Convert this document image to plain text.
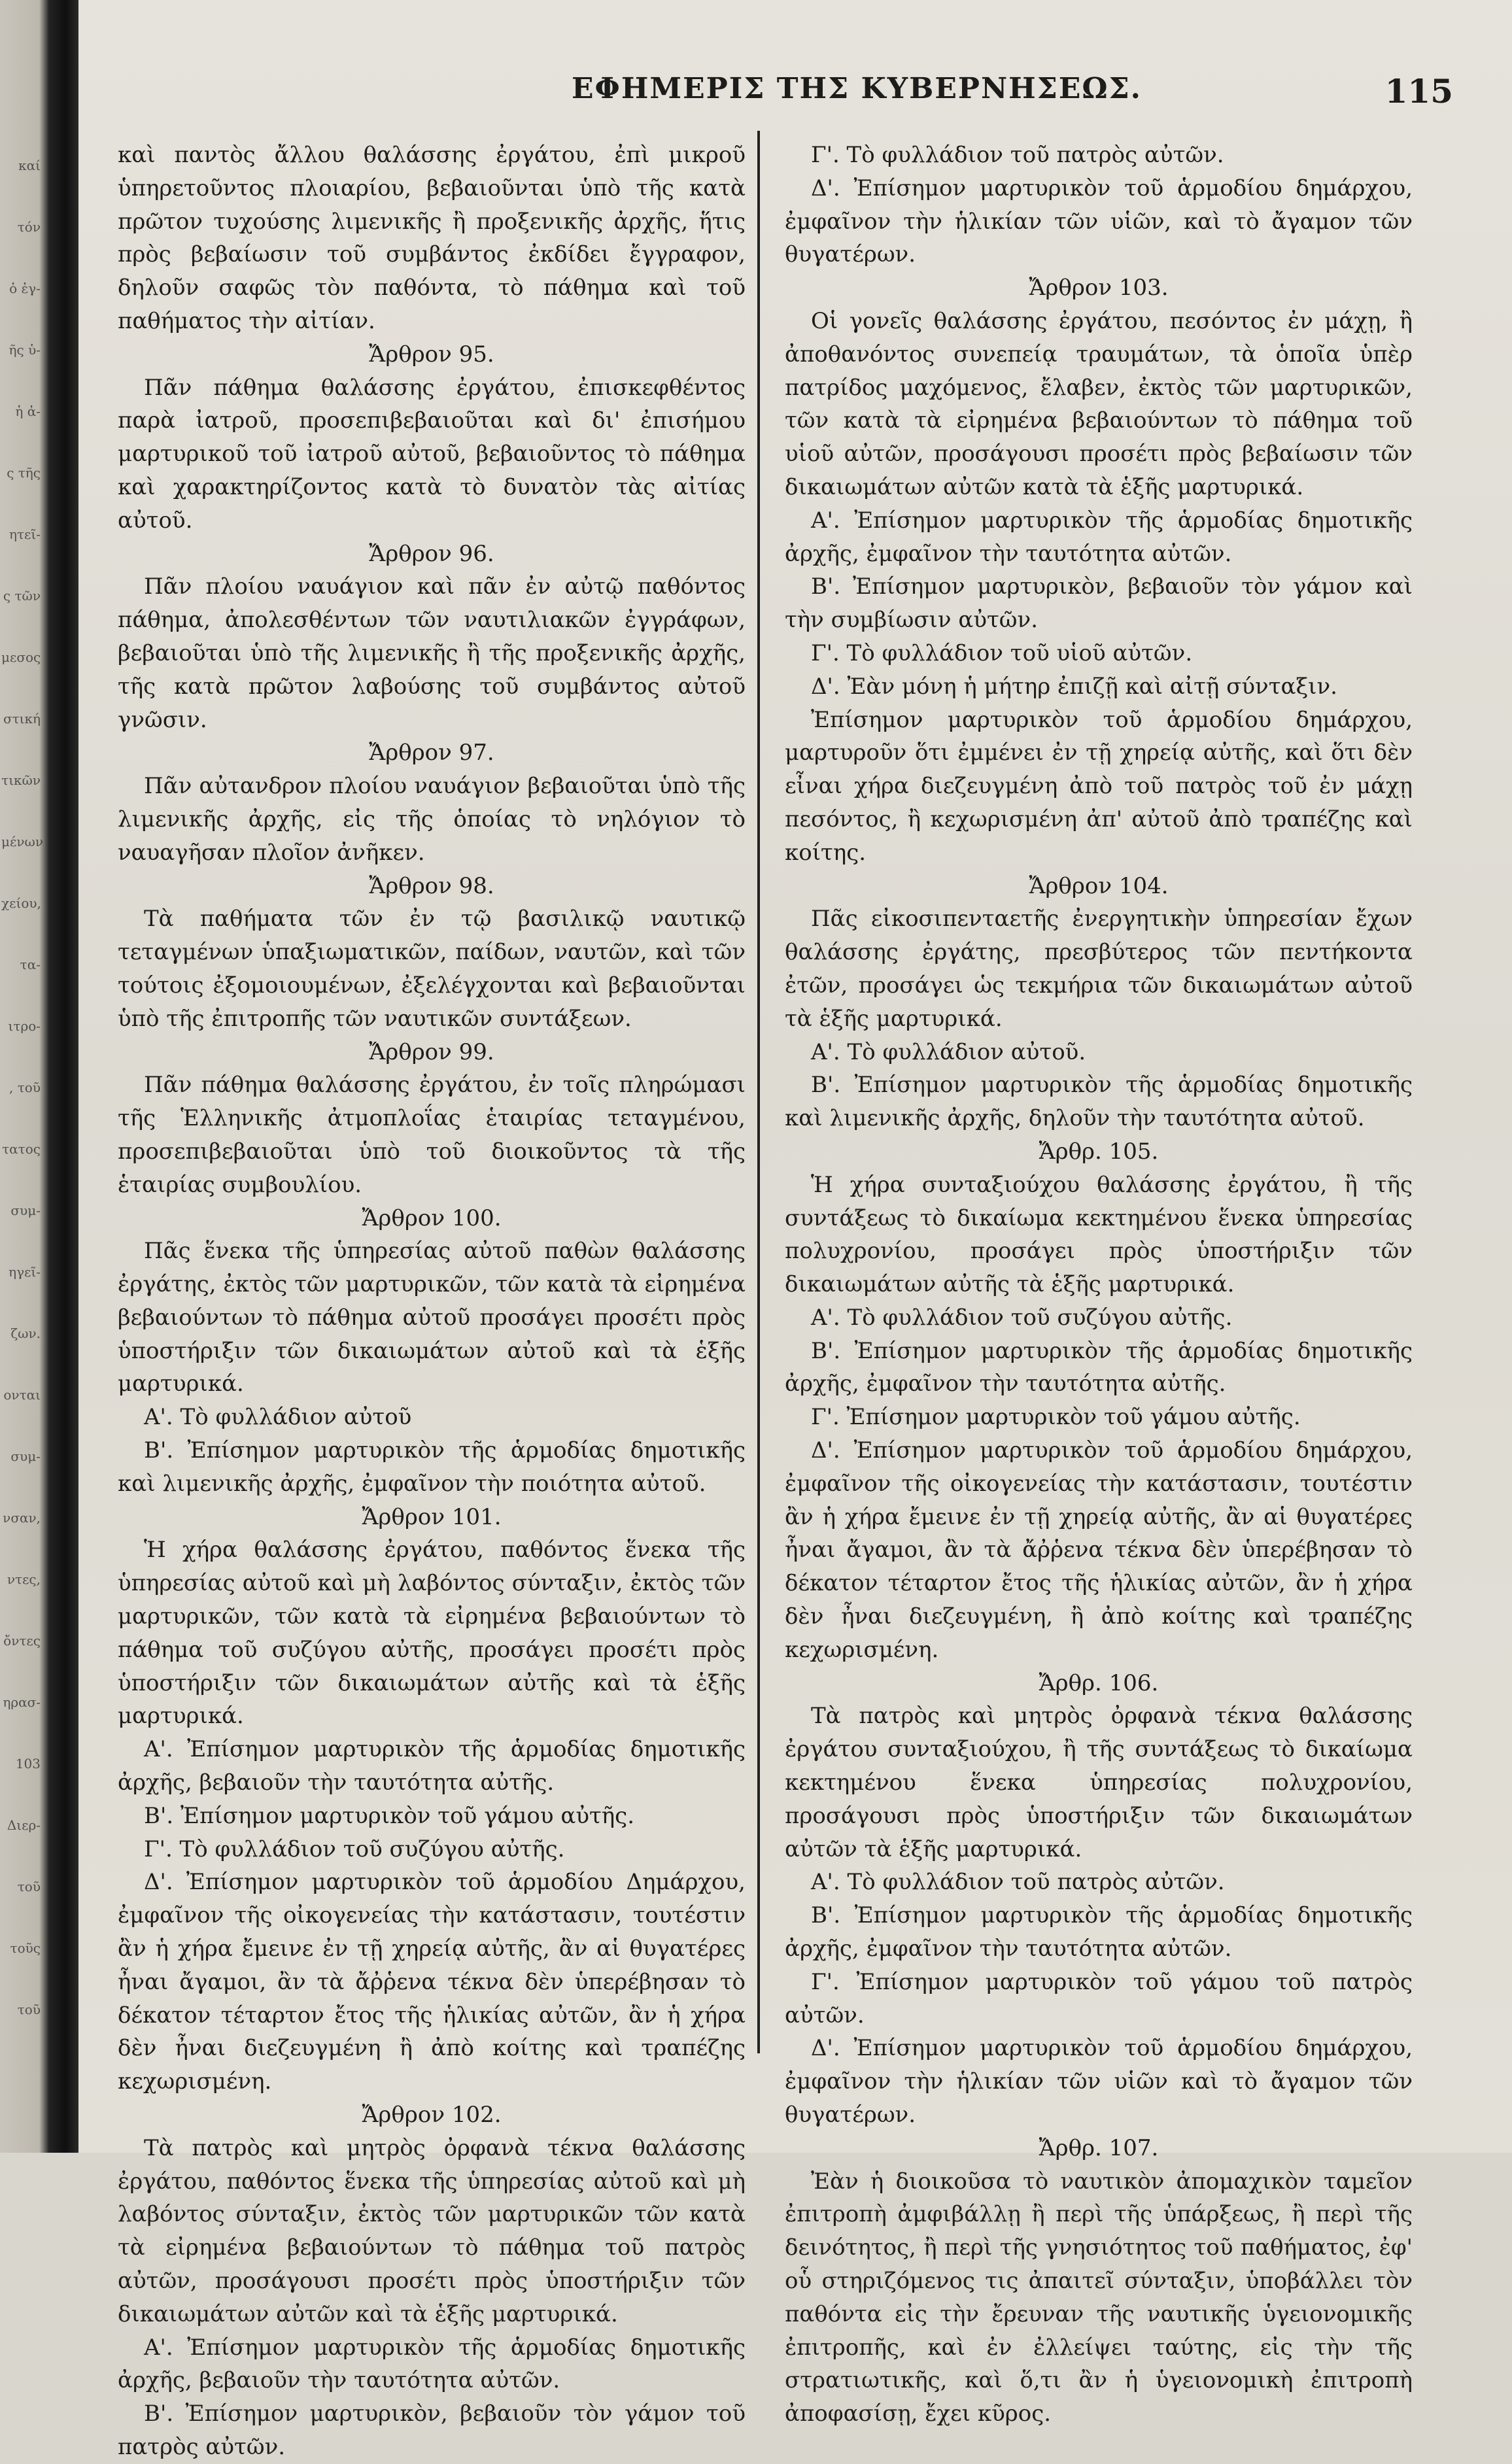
καί
τόν
ὁ ἐγ-
ῆς ὑ-
ἡ ἀ-
ς τῆς
ητεῖ-
ς τῶν
μεσος
στική
τικῶν
μένων
χείου,
τα-
ιτρο-
, τοῦ
τατος
συμ-
ηγεῖ-
ζων.
ονται
συμ-
νσαν,
ντες,
ὄντες
ηρασ-
103
Διερ-
τοῦ
τοῦς
τοῦ
ΕΦΗΜΕΡΙΣ ΤΗΣ ΚΥΒΕΡΝΗΣΕΩΣ.	115

καὶ παντὸς ἄλλου θαλάσσης ἐργάτου, ἐπὶ μικροῦ ὑπηρετοῦντος πλοιαρίου, βεβαιοῦνται ὑπὸ τῆς κατὰ πρῶτον τυχούσης λιμενικῆς ἢ προξενικῆς ἀρχῆς, ἥτις πρὸς βεβαίωσιν τοῦ συμβάντος ἐκδίδει ἔγγραφον, δηλοῦν σαφῶς τὸν παθόντα, τὸ πάθημα καὶ τοῦ παθήματος τὴν αἰτίαν.

Ἄρθρον 95.

Πᾶν πάθημα θαλάσσης ἐργάτου, ἐπισκεφθέντος παρὰ ἰατροῦ, προσεπιβεβαιοῦται καὶ δι' ἐπισήμου μαρτυρικοῦ τοῦ ἰατροῦ αὐτοῦ, βεβαιοῦντος τὸ πάθημα καὶ χαρακτηρίζοντος κατὰ τὸ δυνατὸν τὰς αἰτίας αὐτοῦ.

Ἄρθρον 96.

Πᾶν πλοίου ναυάγιον καὶ πᾶν ἐν αὐτῷ παθόντος πάθημα, ἀπολεσθέντων τῶν ναυτιλιακῶν ἐγγράφων, βεβαιοῦται ὑπὸ τῆς λιμενικῆς ἢ τῆς προξενικῆς ἀρχῆς, τῆς κατὰ πρῶτον λαβούσης τοῦ συμβάντος αὐτοῦ γνῶσιν.

Ἄρθρον 97.

Πᾶν αὐτανδρον πλοίου ναυάγιον βεβαιοῦται ὑπὸ τῆς λιμενικῆς ἀρχῆς, εἰς τῆς ὁποίας τὸ νηλόγιον τὸ ναυαγῆσαν πλοῖον ἀνῆκεν.

Ἄρθρον 98.

Τὰ παθήματα τῶν ἐν τῷ βασιλικῷ ναυτικῷ τεταγμένων ὑπαξιωματικῶν, παίδων, ναυτῶν, καὶ τῶν τούτοις ἐξομοιουμένων, ἐξελέγχονται καὶ βεβαιοῦνται ὑπὸ τῆς ἐπιτροπῆς τῶν ναυτικῶν συντάξεων.

Ἄρθρον 99.

Πᾶν πάθημα θαλάσσης ἐργάτου, ἐν τοῖς πληρώμασι τῆς Ἑλληνικῆς ἀτμοπλοΐας ἑταιρίας τεταγμένου, προσεπιβεβαιοῦται ὑπὸ τοῦ διοικοῦντος τὰ τῆς ἑταιρίας συμβουλίου.

Ἄρθρον 100.

Πᾶς ἕνεκα τῆς ὑπηρεσίας αὐτοῦ παθὼν θαλάσσης ἐργάτης, ἐκτὸς τῶν μαρτυρικῶν, τῶν κατὰ τὰ εἰρημένα βεβαιούντων τὸ πάθημα αὐτοῦ προσάγει προσέτι πρὸς ὑποστήριξιν τῶν δικαιωμάτων αὐτοῦ καὶ τὰ ἑξῆς μαρτυρικά.

Α'. Τὸ φυλλάδιον αὐτοῦ

Β'. Ἐπίσημον μαρτυρικὸν τῆς ἁρμοδίας δημοτικῆς καὶ λιμενικῆς ἀρχῆς, ἐμφαῖνον τὴν ποιότητα αὐτοῦ.

Ἄρθρον 101.

Ἡ χήρα θαλάσσης ἐργάτου, παθόντος ἕνεκα τῆς ὑπηρεσίας αὐτοῦ καὶ μὴ λαβόντος σύνταξιν, ἐκτὸς τῶν μαρτυρικῶν, τῶν κατὰ τὰ εἰρημένα βεβαιούντων τὸ πάθημα τοῦ συζύγου αὐτῆς, προσάγει προσέτι πρὸς ὑποστήριξιν τῶν δικαιωμάτων αὐτῆς καὶ τὰ ἑξῆς μαρτυρικά.

Α'. Ἐπίσημον μαρτυρικὸν τῆς ἁρμοδίας δημοτικῆς ἀρχῆς, βεβαιοῦν τὴν ταυτότητα αὐτῆς.

Β'. Ἐπίσημον μαρτυρικὸν τοῦ γάμου αὐτῆς.

Γ'. Τὸ φυλλάδιον τοῦ συζύγου αὐτῆς.

Δ'. Ἐπίσημον μαρτυρικὸν τοῦ ἁρμοδίου Δημάρχου, ἐμφαῖνον τῆς οἰκογενείας τὴν κατάστασιν, τουτέστιν ἂν ἡ χήρα ἔμεινε ἐν τῇ χηρείᾳ αὐτῆς, ἂν αἱ θυγατέρες ἦναι ἄγαμοι, ἂν τὰ ἄῤῥενα τέκνα δὲν ὑπερέβησαν τὸ δέκατον τέταρτον ἔτος τῆς ἡλικίας αὐτῶν, ἂν ἡ χήρα δὲν ἦναι διεζευγμένη ἢ ἀπὸ κοίτης καὶ τραπέζης κεχωρισμένη.

Ἄρθρον 102.

Τὰ πατρὸς καὶ μητρὸς ὀρφανὰ τέκνα θαλάσσης ἐργάτου, παθόντος ἕνεκα τῆς ὑπηρεσίας αὐτοῦ καὶ μὴ λαβόντος σύνταξιν, ἐκτὸς τῶν μαρτυρικῶν τῶν κατὰ τὰ εἰρημένα βεβαιούντων τὸ πάθημα τοῦ πατρὸς αὐτῶν, προσάγουσι προσέτι πρὸς ὑποστήριξιν τῶν δικαιωμάτων αὐτῶν καὶ τὰ ἑξῆς μαρτυρικά.

Α'. Ἐπίσημον μαρτυρικὸν τῆς ἁρμοδίας δημοτικῆς ἀρχῆς, βεβαιοῦν τὴν ταυτότητα αὐτῶν.

Β'. Ἐπίσημον μαρτυρικὸν, βεβαιοῦν τὸν γάμον τοῦ πατρὸς αὐτῶν.

Γ'. Τὸ φυλλάδιον τοῦ πατρὸς αὐτῶν.

Δ'. Ἐπίσημον μαρτυρικὸν τοῦ ἁρμοδίου δημάρχου, ἐμφαῖνον τὴν ἡλικίαν τῶν υἱῶν, καὶ τὸ ἄγαμον τῶν θυγατέρων.

Ἄρθρον 103.

Οἱ γονεῖς θαλάσσης ἐργάτου, πεσόντος ἐν μάχῃ, ἢ ἀποθανόντος συνεπείᾳ τραυμάτων, τὰ ὁποῖα ὑπὲρ πατρίδος μαχόμενος, ἔλαβεν, ἐκτὸς τῶν μαρτυρικῶν, τῶν κατὰ τὰ εἰρημένα βεβαιούντων τὸ πάθημα τοῦ υἱοῦ αὐτῶν, προσάγουσι προσέτι πρὸς βεβαίωσιν τῶν δικαιωμάτων αὐτῶν κατὰ τὰ ἑξῆς μαρτυρικά.

Α'. Ἐπίσημον μαρτυρικὸν τῆς ἁρμοδίας δημοτικῆς ἀρχῆς, ἐμφαῖνον τὴν ταυτότητα αὐτῶν.

Β'. Ἐπίσημον μαρτυρικὸν, βεβαιοῦν τὸν γάμον καὶ τὴν συμβίωσιν αὐτῶν.

Γ'. Τὸ φυλλάδιον τοῦ υἱοῦ αὐτῶν.

Δ'. Ἐὰν μόνη ἡ μήτηρ ἐπιζῇ καὶ αἰτῇ σύνταξιν.

Ἐπίσημον μαρτυρικὸν τοῦ ἁρμοδίου δημάρχου, μαρτυροῦν ὅτι ἐμμένει ἐν τῇ χηρείᾳ αὐτῆς, καὶ ὅτι δὲν εἶναι χήρα διεζευγμένη ἀπὸ τοῦ πατρὸς τοῦ ἐν μάχῃ πεσόντος, ἢ κεχωρισμένη ἀπ' αὐτοῦ ἀπὸ τραπέζης καὶ κοίτης.

Ἄρθρον 104.

Πᾶς εἰκοσιπενταετῆς ἐνεργητικὴν ὑπηρεσίαν ἔχων θαλάσσης ἐργάτης, πρεσβύτερος τῶν πεντήκοντα ἐτῶν, προσάγει ὡς τεκμήρια τῶν δικαιωμάτων αὐτοῦ τὰ ἑξῆς μαρτυρικά.

Α'. Τὸ φυλλάδιον αὐτοῦ.

Β'. Ἐπίσημον μαρτυρικὸν τῆς ἁρμοδίας δημοτικῆς καὶ λιμενικῆς ἀρχῆς, δηλοῦν τὴν ταυτότητα αὐτοῦ.

Ἄρθρ. 105.

Ἡ χήρα συνταξιούχου θαλάσσης ἐργάτου, ἢ τῆς συντάξεως τὸ δικαίωμα κεκτημένου ἕνεκα ὑπηρεσίας πολυχρονίου, προσάγει πρὸς ὑποστήριξιν τῶν δικαιωμάτων αὐτῆς τὰ ἑξῆς μαρτυρικά.

Α'. Τὸ φυλλάδιον τοῦ συζύγου αὐτῆς.

Β'. Ἐπίσημον μαρτυρικὸν τῆς ἁρμοδίας δημοτικῆς ἀρχῆς, ἐμφαῖνον τὴν ταυτότητα αὐτῆς.

Γ'. Ἐπίσημον μαρτυρικὸν τοῦ γάμου αὐτῆς.

Δ'. Ἐπίσημον μαρτυρικὸν τοῦ ἁρμοδίου δημάρχου, ἐμφαῖνον τῆς οἰκογενείας τὴν κατάστασιν, τουτέστιν ἂν ἡ χήρα ἔμεινε ἐν τῇ χηρείᾳ αὐτῆς, ἂν αἱ θυγατέρες ἦναι ἄγαμοι, ἂν τὰ ἄῤῥενα τέκνα δὲν ὑπερέβησαν τὸ δέκατον τέταρτον ἔτος τῆς ἡλικίας αὐτῶν, ἂν ἡ χήρα δὲν ἦναι διεζευγμένη, ἢ ἀπὸ κοίτης καὶ τραπέζης κεχωρισμένη.

Ἄρθρ. 106.

Τὰ πατρὸς καὶ μητρὸς ὀρφανὰ τέκνα θαλάσσης ἐργάτου συνταξιούχου, ἢ τῆς συντάξεως τὸ δικαίωμα κεκτημένου ἕνεκα ὑπηρεσίας πολυχρονίου, προσάγουσι πρὸς ὑποστήριξιν τῶν δικαιωμάτων αὐτῶν τὰ ἑξῆς μαρτυρικά.

Α'. Τὸ φυλλάδιον τοῦ πατρὸς αὐτῶν.

Β'. Ἐπίσημον μαρτυρικὸν τῆς ἁρμοδίας δημοτικῆς ἀρχῆς, ἐμφαῖνον τὴν ταυτότητα αὐτῶν.

Γ'. Ἐπίσημον μαρτυρικὸν τοῦ γάμου τοῦ πατρὸς αὐτῶν.

Δ'. Ἐπίσημον μαρτυρικὸν τοῦ ἁρμοδίου δημάρχου, ἐμφαῖνον τὴν ἡλικίαν τῶν υἱῶν καὶ τὸ ἄγαμον τῶν θυγατέρων.

Ἄρθρ. 107.

Ἐὰν ἡ διοικοῦσα τὸ ναυτικὸν ἀπομαχικὸν ταμεῖον ἐπιτροπὴ ἀμφιβάλλῃ ἢ περὶ τῆς ὑπάρξεως, ἢ περὶ τῆς δεινότητος, ἢ περὶ τῆς γνησιότητος τοῦ παθήματος, ἐφ' οὗ στηριζόμενος τις ἀπαιτεῖ σύνταξιν, ὑποβάλλει τὸν παθόντα εἰς τὴν ἔρευναν τῆς ναυτικῆς ὑγειονομικῆς ἐπιτροπῆς, καὶ ἐν ἐλλείψει ταύτης, εἰς τὴν τῆς στρατιωτικῆς, καὶ ὅ,τι ἂν ἡ ὑγειονομικὴ ἐπιτροπὴ ἀποφασίσῃ, ἔχει κῦρος.
